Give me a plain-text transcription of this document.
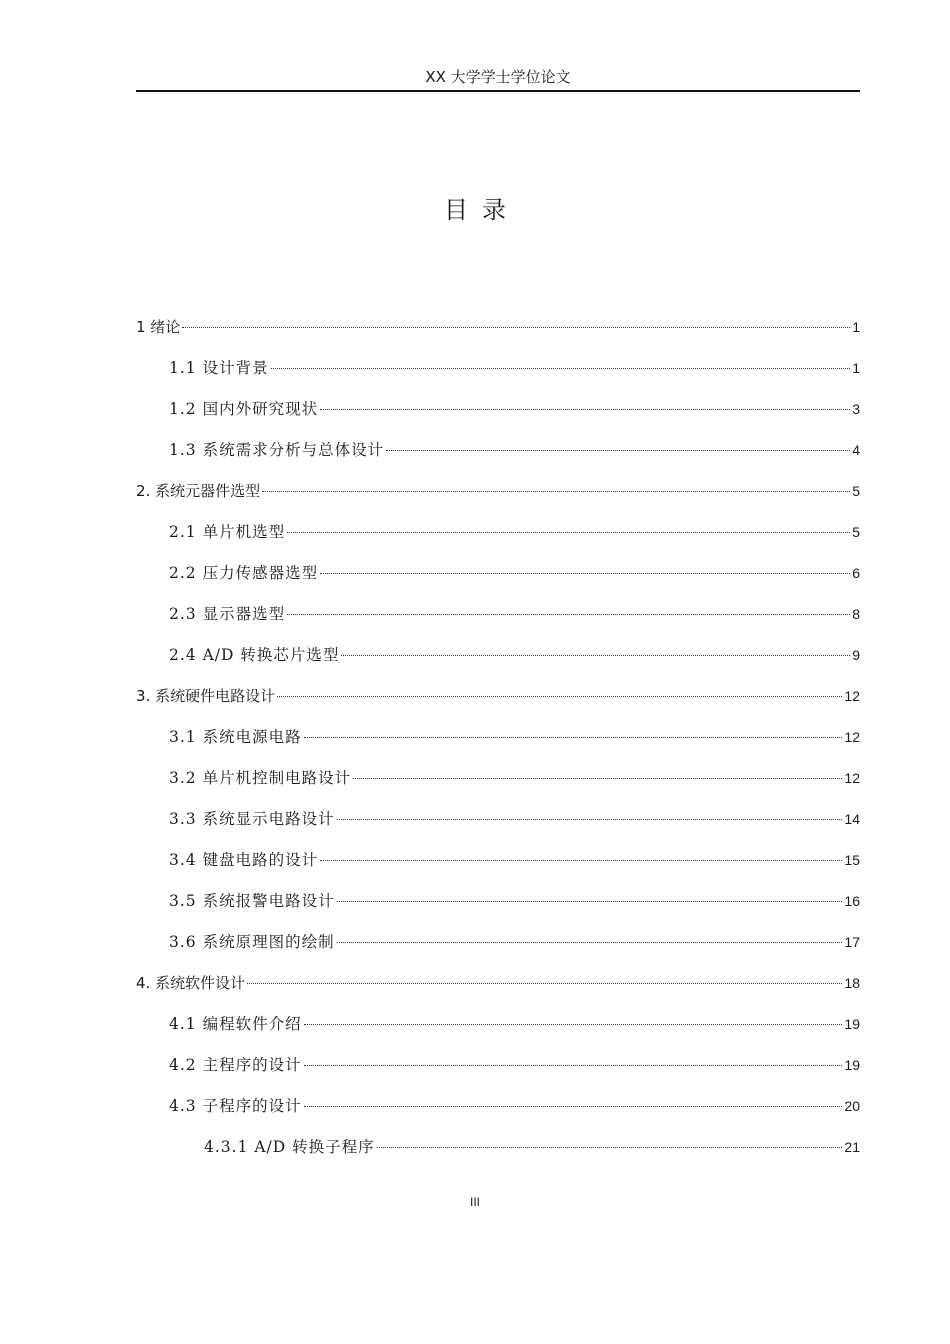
XX 大学学士学位论文
目录
1 绪论	1
1.1 设计背景	1
1.2 国内外研究现状	3
1.3 系统需求分析与总体设计	4
2. 系统元器件选型	5
2.1 单片机选型	5
2.2 压力传感器选型	6
2.3 显示器选型	8
2.4 A/D 转换芯片选型	9
3. 系统硬件电路设计	12
3.1 系统电源电路	12
3.2 单片机控制电路设计	12
3.3 系统显示电路设计	14
3.4 键盘电路的设计	15
3.5 系统报警电路设计	16
3.6 系统原理图的绘制	17
4. 系统软件设计	18
4.1 编程软件介绍	19
4.2 主程序的设计	19
4.3 子程序的设计	20
4.3.1 A/D 转换子程序	21
III
